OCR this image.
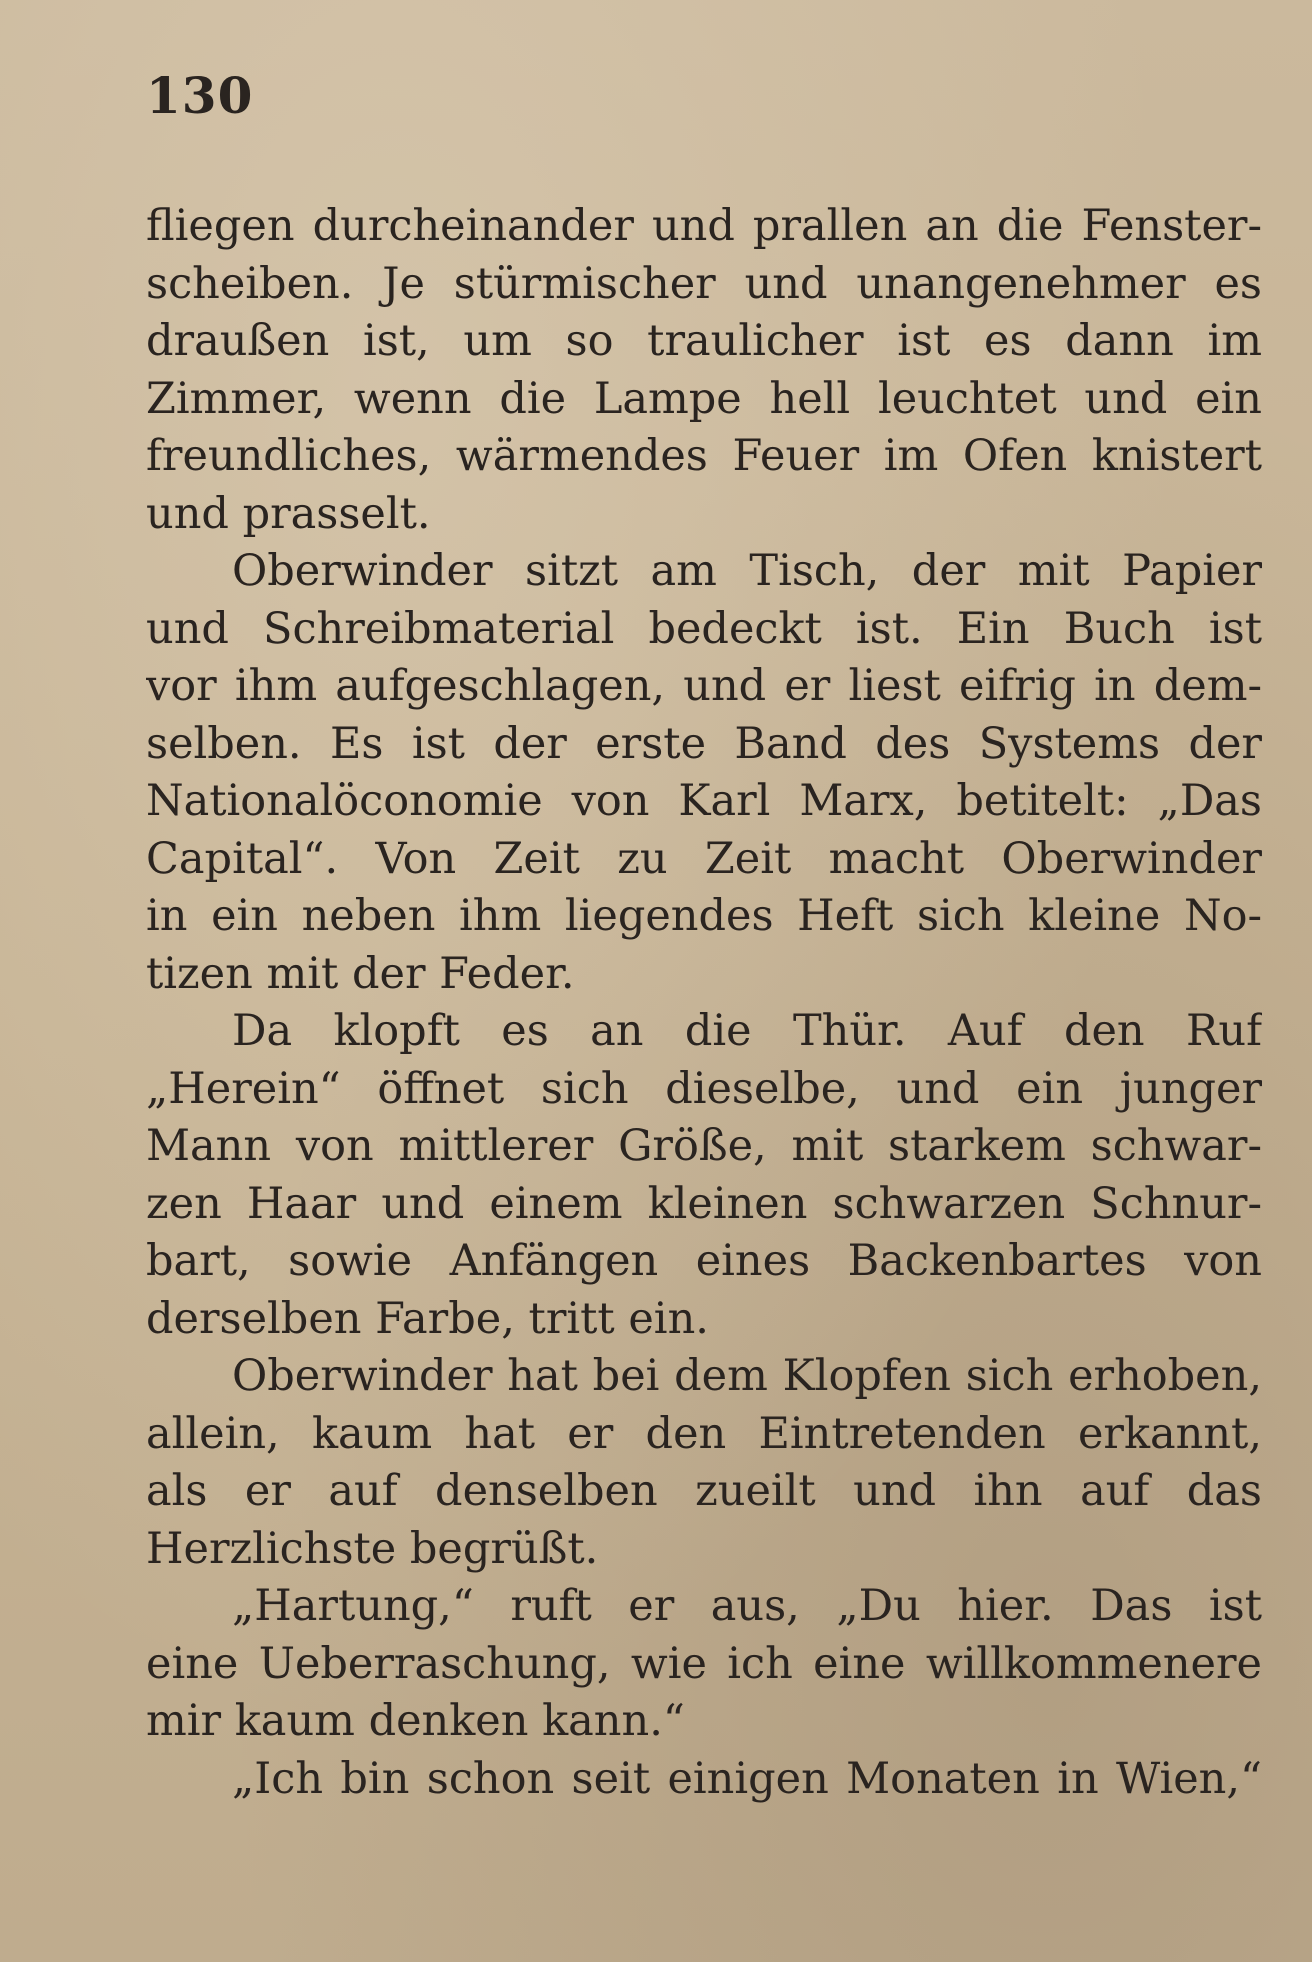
130
fliegen durcheinander und prallen an die Fenster-
scheiben. Je stürmischer und unangenehmer es
draußen ist, um so traulicher ist es dann im
Zimmer, wenn die Lampe hell leuchtet und ein
freundliches, wärmendes Feuer im Ofen knistert
und prasselt.
Oberwinder sitzt am Tisch, der mit Papier
und Schreibmaterial bedeckt ist. Ein Buch ist
vor ihm aufgeschlagen, und er liest eifrig in dem-
selben. Es ist der erste Band des Systems der
Nationalöconomie von Karl Marx, betitelt: „Das
Capital“. Von Zeit zu Zeit macht Oberwinder
in ein neben ihm liegendes Heft sich kleine No-
tizen mit der Feder.
Da klopft es an die Thür. Auf den Ruf
„Herein“ öffnet sich dieselbe, und ein junger
Mann von mittlerer Größe, mit starkem schwar-
zen Haar und einem kleinen schwarzen Schnur-
bart, sowie Anfängen eines Backenbartes von
derselben Farbe, tritt ein.
Oberwinder hat bei dem Klopfen sich erhoben,
allein, kaum hat er den Eintretenden erkannt,
als er auf denselben zueilt und ihn auf das
Herzlichste begrüßt.
„Hartung,“ ruft er aus, „Du hier. Das ist
eine Ueberraschung, wie ich eine willkommenere
mir kaum denken kann.“
„Ich bin schon seit einigen Monaten in Wien,“
